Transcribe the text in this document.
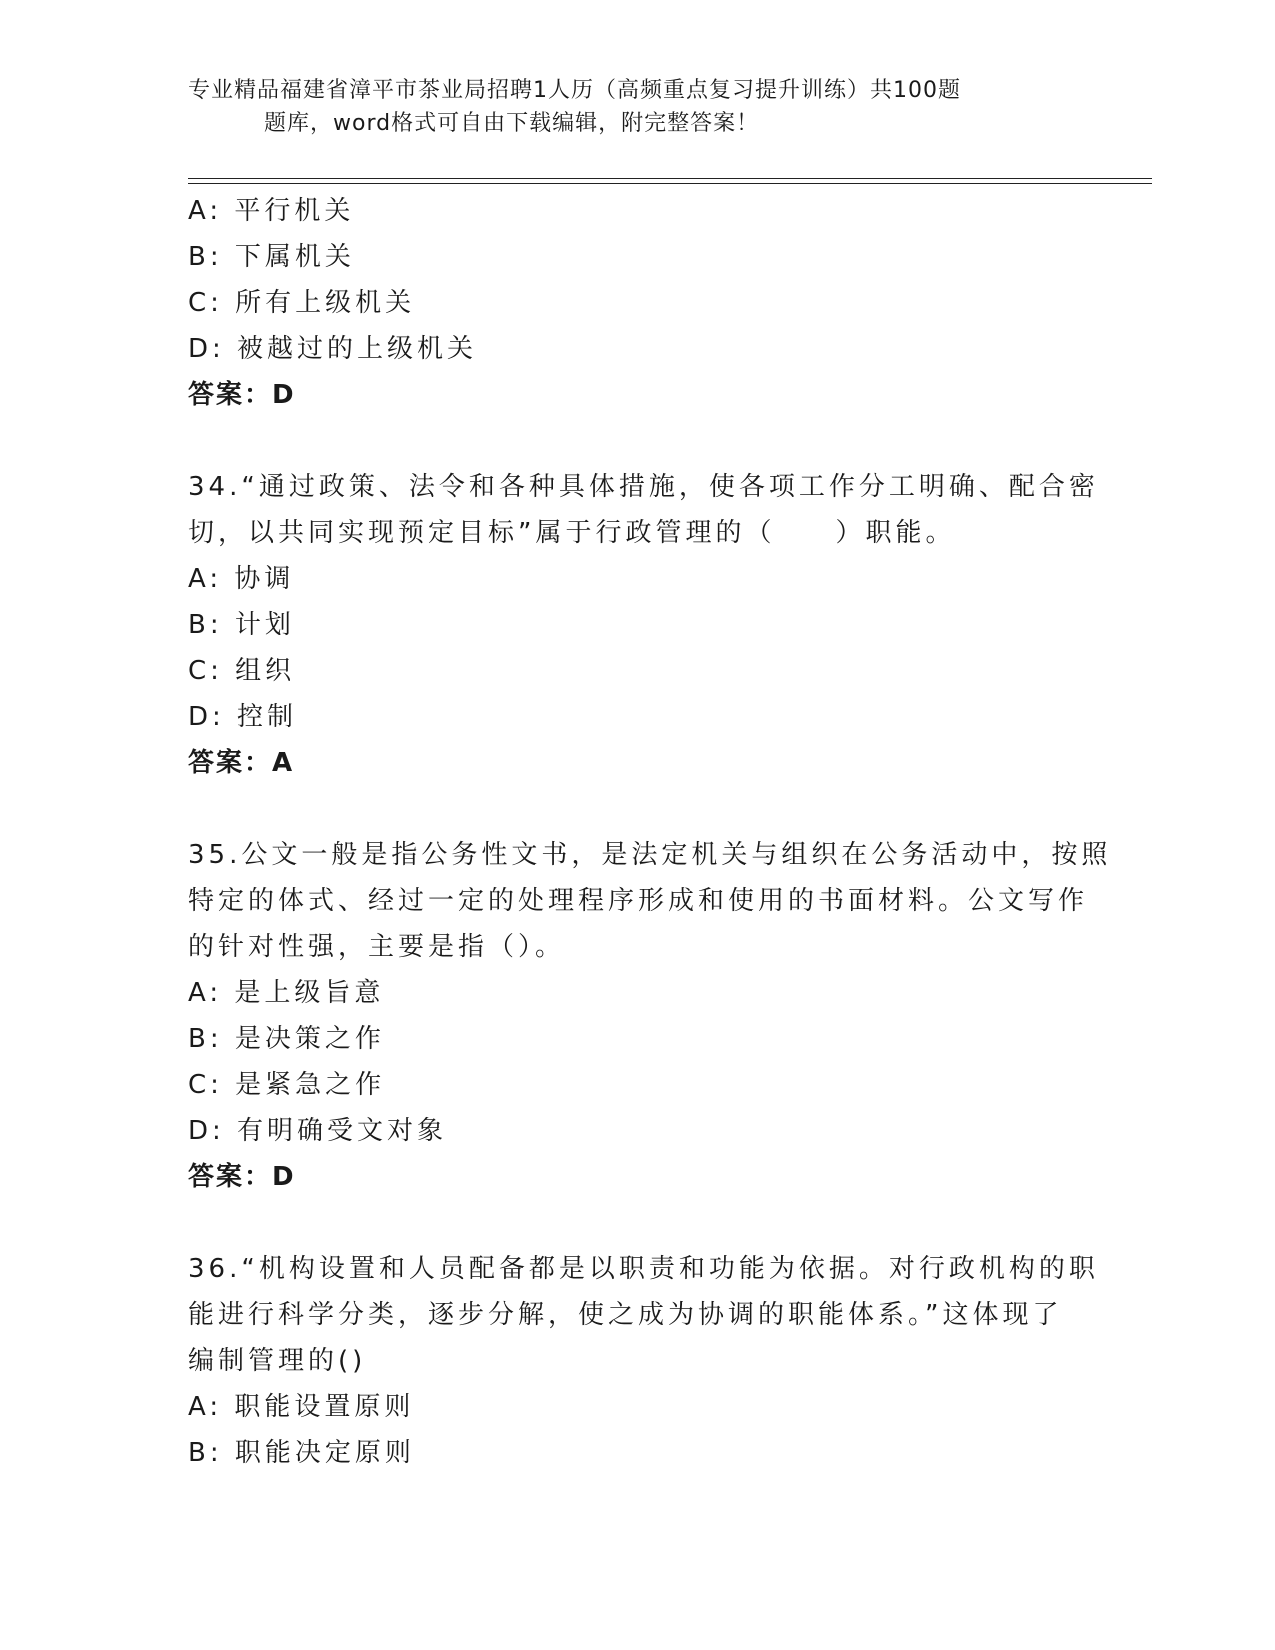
专业精品福建省漳平市茶业局招聘1人历（高频重点复习提升训练）共100题
题库，word格式可自由下载编辑，附完整答案！
A: 平行机关
B: 下属机关
C: 所有上级机关
D: 被越过的上级机关
答案：D
34.“通过政策、法令和各种具体措施，使各项工作分工明确、配合密
切，以共同实现预定目标”属于行政管理的（　　）职能。
A: 协调
B: 计划
C: 组织
D: 控制
答案：A
35.公文一般是指公务性文书，是法定机关与组织在公务活动中，按照
特定的体式、经过一定的处理程序形成和使用的书面材料。公文写作
的针对性强，主要是指（）。
A: 是上级旨意
B: 是决策之作
C: 是紧急之作
D: 有明确受文对象
答案：D
36.“机构设置和人员配备都是以职责和功能为依据。对行政机构的职
能进行科学分类，逐步分解，使之成为协调的职能体系。”这体现了
编制管理的()
A: 职能设置原则
B: 职能决定原则
